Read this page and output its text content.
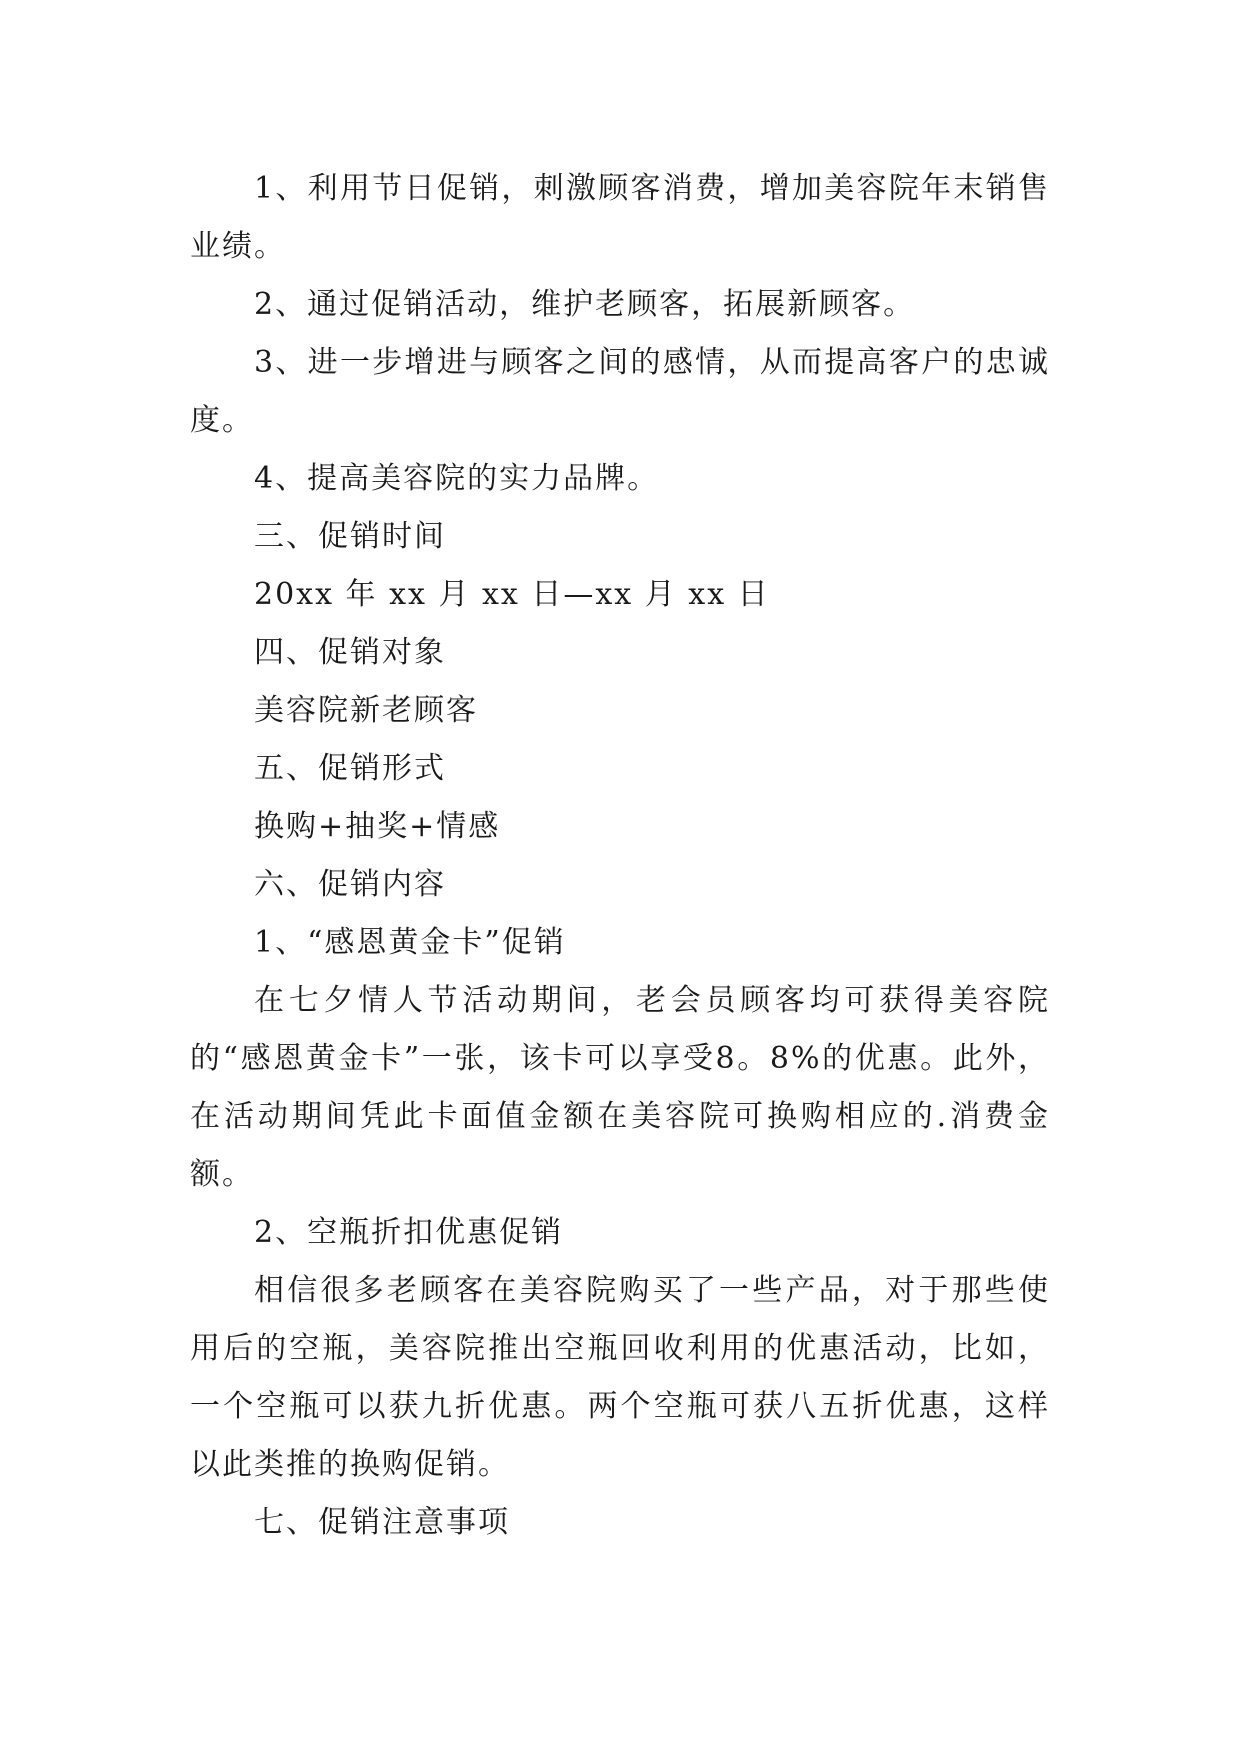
1、利用节日促销，刺激顾客消费，增加美容院年末销售业绩。

2、通过促销活动，维护老顾客，拓展新顾客。

3、进一步增进与顾客之间的感情，从而提高客户的忠诚度。

4、提高美容院的实力品牌。

三、促销时间

20xx 年 xx 月 xx 日—xx 月 xx 日

四、促销对象

美容院新老顾客

五、促销形式

换购+抽奖+情感

六、促销内容

1、“感恩黄金卡”促销

在七夕情人节活动期间，老会员顾客均可获得美容院的“感恩黄金卡”一张，该卡可以享受8。8%的优惠。此外，在活动期间凭此卡面值金额在美容院可换购相应的.消费金额。

2、空瓶折扣优惠促销

相信很多老顾客在美容院购买了一些产品，对于那些使用后的空瓶，美容院推出空瓶回收利用的优惠活动，比如，一个空瓶可以获九折优惠。两个空瓶可获八五折优惠，这样以此类推的换购促销。

七、促销注意事项
